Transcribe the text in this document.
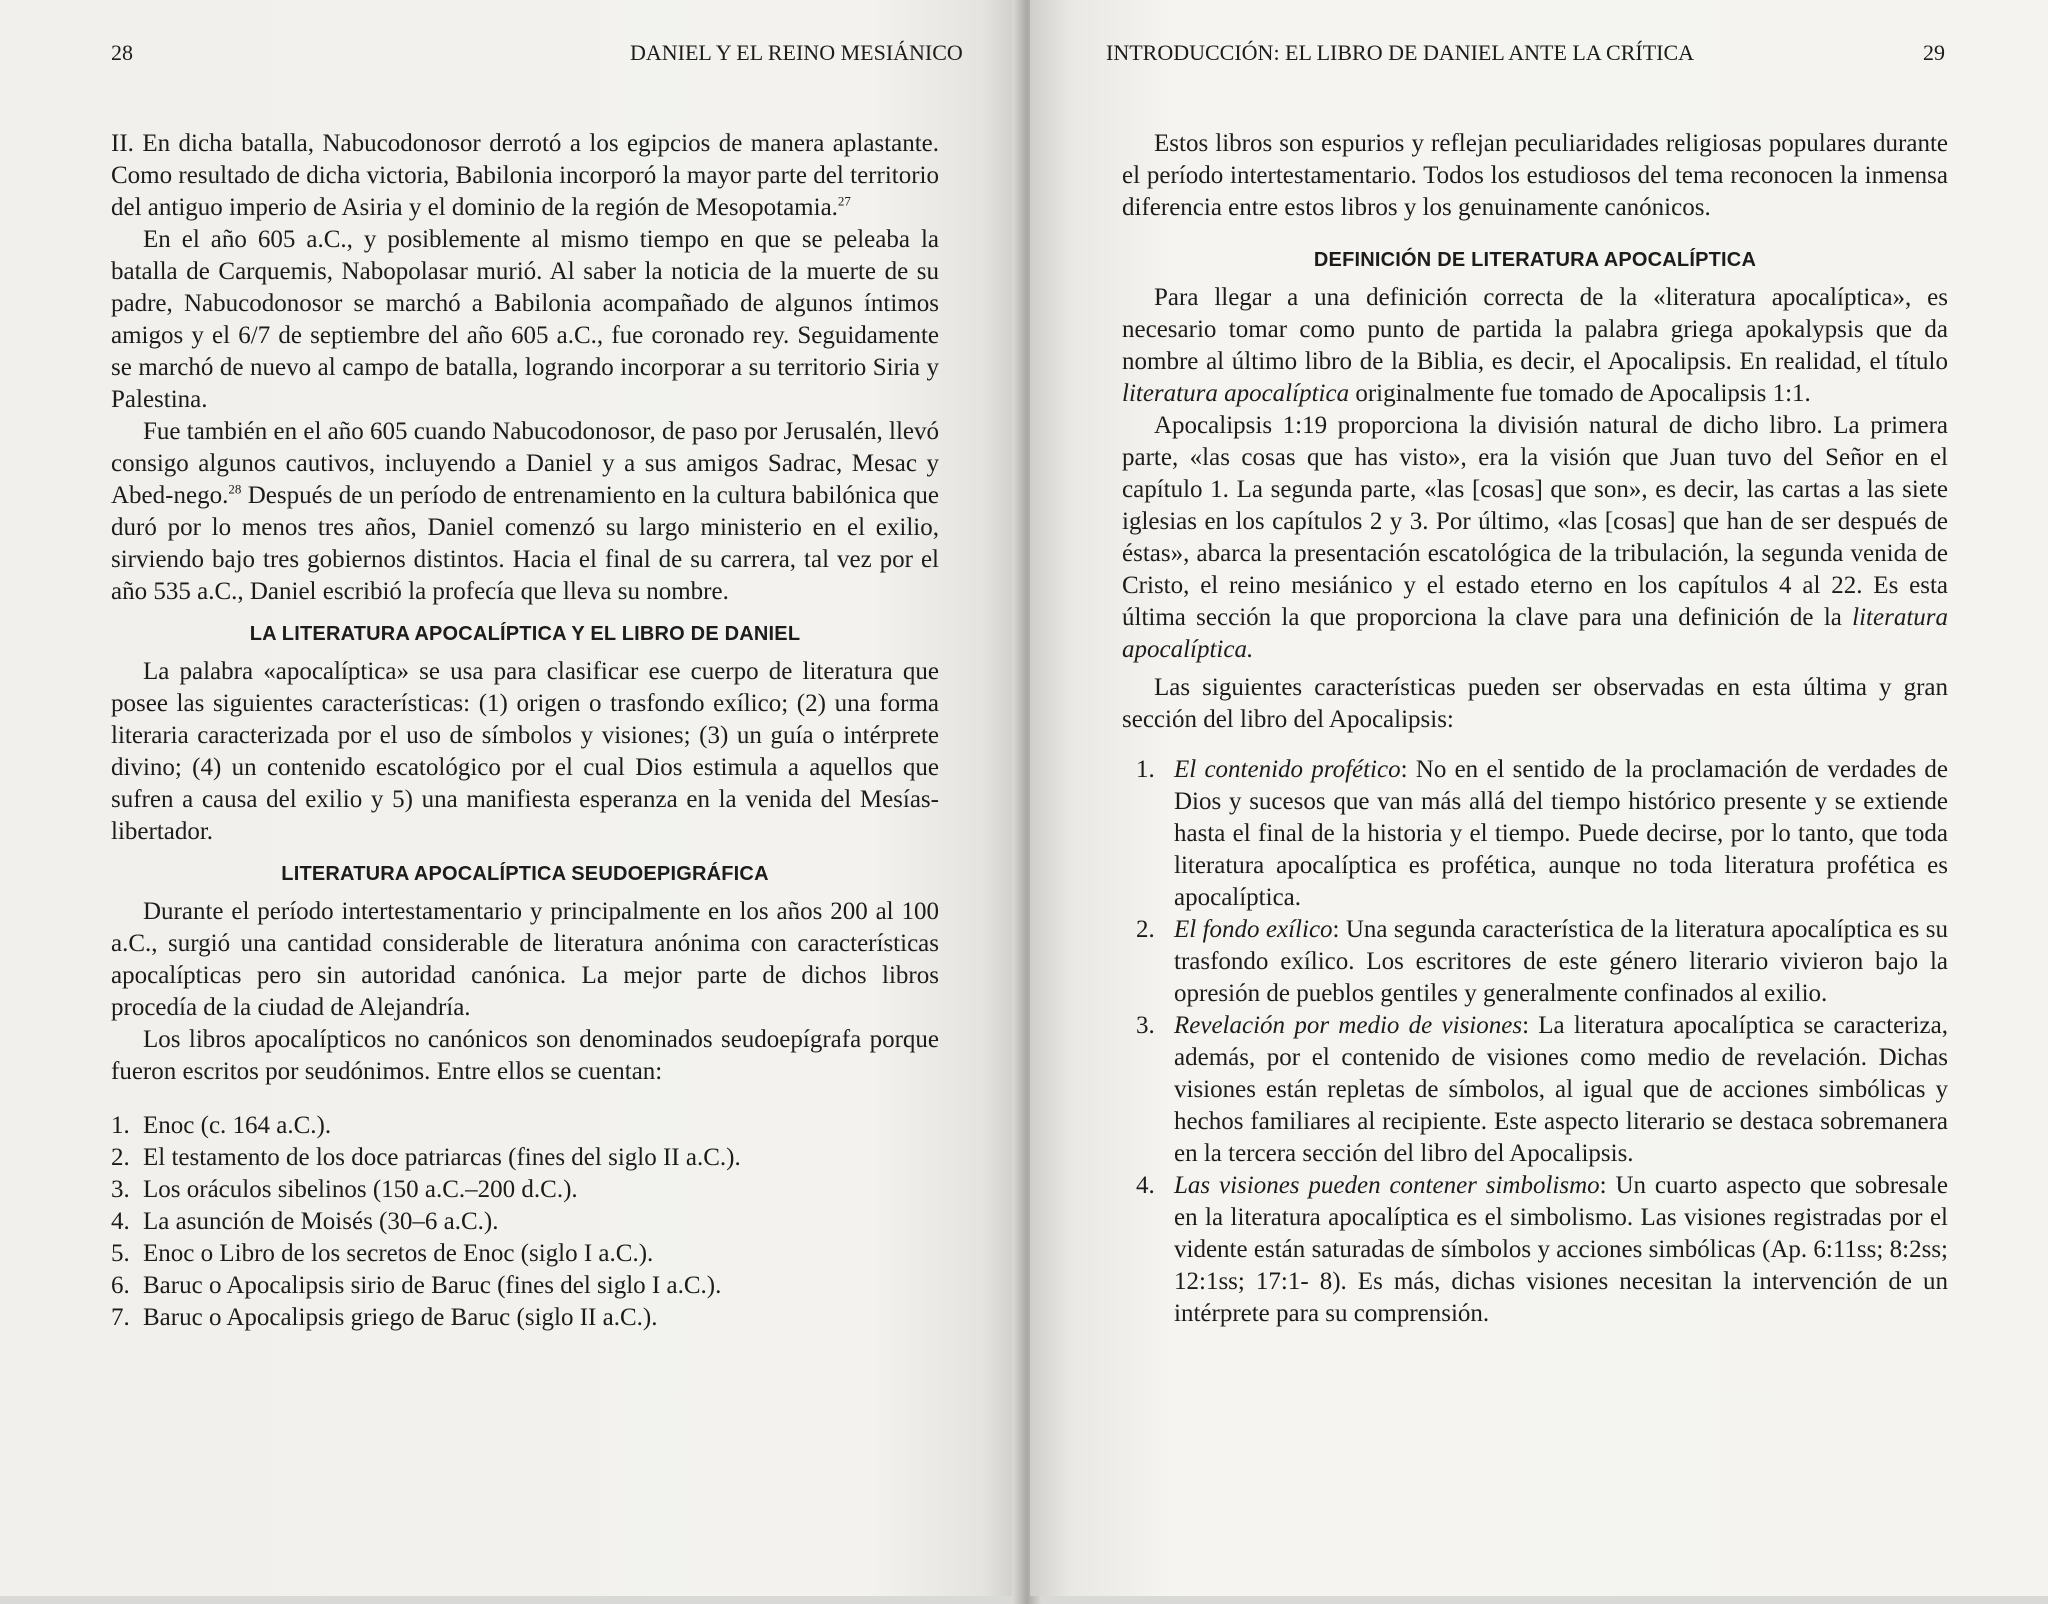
28	DANIEL Y EL REINO MESIÁNICO

II. En dicha batalla, Nabucodonosor derrotó a los egipcios de manera aplastante. Como resultado de dicha victoria, Babilonia incorporó la mayor parte del territorio del antiguo imperio de Asiria y el dominio de la región de Mesopotamia.$^{27}$

En el año 605 a.C., y posiblemente al mismo tiempo en que se peleaba la batalla de Carquemis, Nabopolasar murió. Al saber la noticia de la muerte de su padre, Nabucodonosor se marchó a Babilonia acompañado de algunos íntimos amigos y el 6/7 de septiembre del año 605 a.C., fue coronado rey. Seguidamente se marchó de nuevo al campo de batalla, logrando incorporar a su territorio Siria y Palestina.

Fue también en el año 605 cuando Nabucodonosor, de paso por Jerusalén, llevó consigo algunos cautivos, incluyendo a Daniel y a sus amigos Sadrac, Mesac y Abed-nego.$^{28}$ Después de un período de entrenamiento en la cultura babilónica que duró por lo menos tres años, Daniel comenzó su largo ministerio en el exilio, sirviendo bajo tres gobiernos distintos. Hacia el final de su carrera, tal vez por el año 535 a.C., Daniel escribió la profecía que lleva su nombre.

LA LITERATURA APOCALÍPTICA Y EL LIBRO DE DANIEL

La palabra «apocalíptica» se usa para clasificar ese cuerpo de literatura que posee las siguientes características: (1) origen o trasfondo exílico; (2) una forma literaria caracterizada por el uso de símbolos y visiones; (3) un guía o intérprete divino; (4) un contenido escatológico por el cual Dios estimula a aquellos que sufren a causa del exilio y 5) una manifiesta esperanza en la venida del Mesías-libertador.

LITERATURA APOCALÍPTICA SEUDOEPIGRÁFICA

Durante el período intertestamentario y principalmente en los años 200 al 100 a.C., surgió una cantidad considerable de literatura anónima con características apocalípticas pero sin autoridad canónica. La mejor parte de dichos libros procedía de la ciudad de Alejandría.

Los libros apocalípticos no canónicos son denominados seudoepígrafa porque fueron escritos por seudónimos. Entre ellos se cuentan:

1. Enoc (c. 164 a.C.).
2. El testamento de los doce patriarcas (fines del siglo II a.C.).
3. Los oráculos sibelinos (150 a.C.–200 d.C.).
4. La asunción de Moisés (30–6 a.C.).
5. Enoc o Libro de los secretos de Enoc (siglo I a.C.).
6. Baruc o Apocalipsis sirio de Baruc (fines del siglo I a.C.).
7. Baruc o Apocalipsis griego de Baruc (siglo II a.C.).
INTRODUCCIÓN: EL LIBRO DE DANIEL ANTE LA CRÍTICA	29

Estos libros son espurios y reflejan peculiaridades religiosas populares durante el período intertestamentario. Todos los estudiosos del tema reconocen la inmensa diferencia entre estos libros y los genuinamente canónicos.

DEFINICIÓN DE LITERATURA APOCALÍPTICA

Para llegar a una definición correcta de la «literatura apocalíptica», es necesario tomar como punto de partida la palabra griega apokalypsis que da nombre al último libro de la Biblia, es decir, el Apocalipsis. En realidad, el título literatura apocalíptica originalmente fue tomado de Apocalipsis 1:1.

Apocalipsis 1:19 proporciona la división natural de dicho libro. La primera parte, «las cosas que has visto», era la visión que Juan tuvo del Señor en el capítulo 1. La segunda parte, «las [cosas] que son», es decir, las cartas a las siete iglesias en los capítulos 2 y 3. Por último, «las [cosas] que han de ser después de éstas», abarca la presentación escatológica de la tribulación, la segunda venida de Cristo, el reino mesiánico y el estado eterno en los capítulos 4 al 22. Es esta última sección la que proporciona la clave para una definición de la literatura apocalíptica.

Las siguientes características pueden ser observadas en esta última y gran sección del libro del Apocalipsis:

1. El contenido profético: No en el sentido de la proclamación de verdades de Dios y sucesos que van más allá del tiempo histórico presente y se extiende hasta el final de la historia y el tiempo. Puede decirse, por lo tanto, que toda literatura apocalíptica es profética, aunque no toda literatura profética es apocalíptica.
2. El fondo exílico: Una segunda característica de la literatura apocalíptica es su trasfondo exílico. Los escritores de este género literario vivieron bajo la opresión de pueblos gentiles y generalmente confinados al exilio.
3. Revelación por medio de visiones: La literatura apocalíptica se caracteriza, además, por el contenido de visiones como medio de revelación. Dichas visiones están repletas de símbolos, al igual que de acciones simbólicas y hechos familiares al recipiente. Este aspecto literario se destaca sobremanera en la tercera sección del libro del Apocalipsis.
4. Las visiones pueden contener simbolismo: Un cuarto aspecto que sobresale en la literatura apocalíptica es el simbolismo. Las visiones registradas por el vidente están saturadas de símbolos y acciones simbólicas (Ap. 6:11ss; 8:2ss; 12:1ss; 17:1- 8). Es más, dichas visiones necesitan la intervención de un intérprete para su comprensión.
